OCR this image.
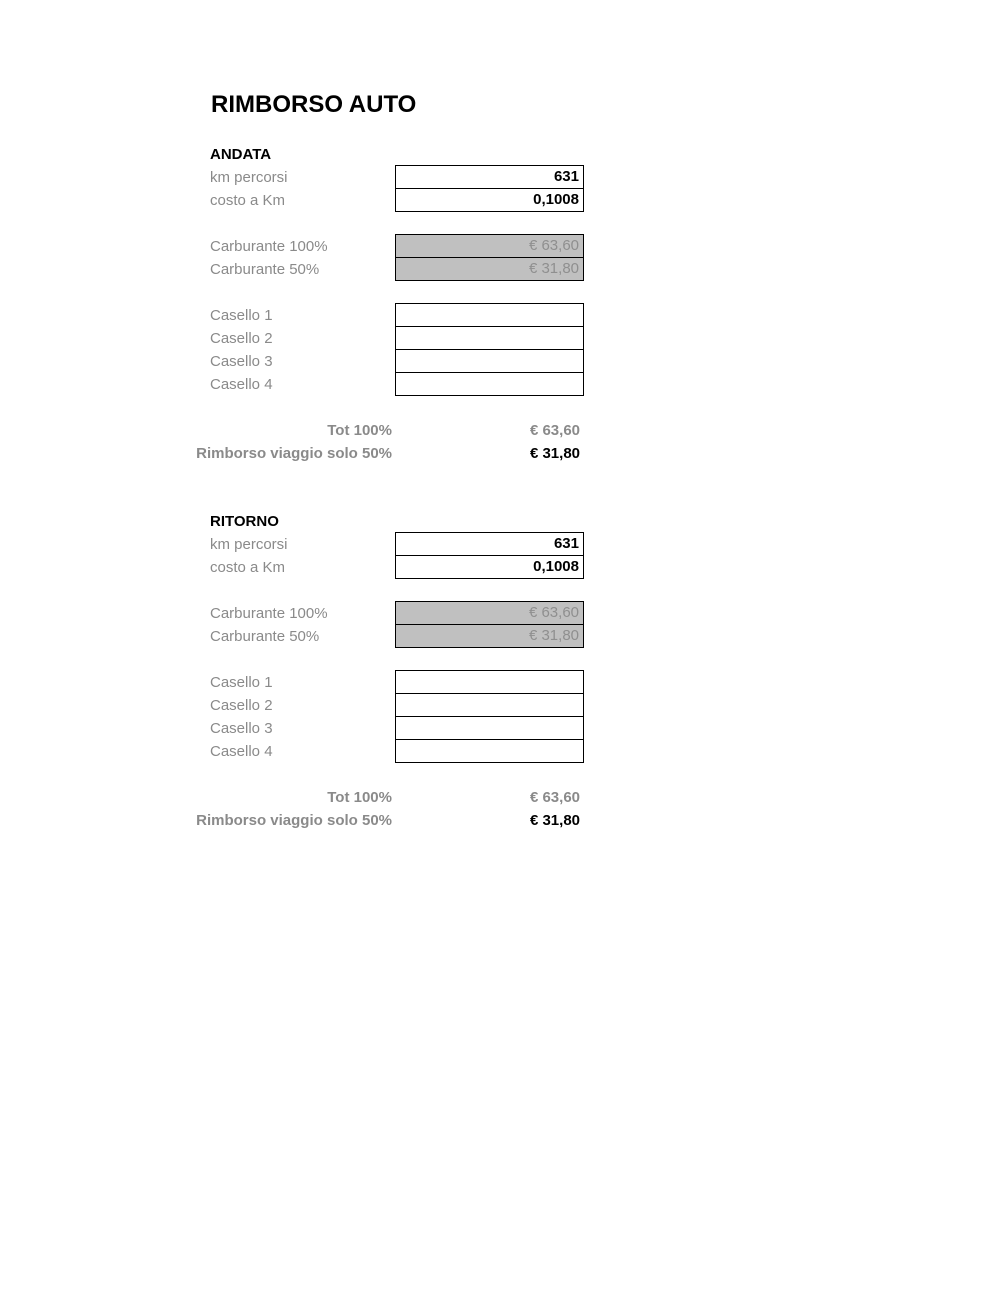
RIMBORSO AUTO
ANDATA
km percorsi	631
costo a Km	0,1008
Carburante 100%	€ 63,60
Carburante 50%	€ 31,80
Casello 1
Casello 2
Casello 3
Casello 4
Tot 100%	€ 63,60
Rimborso viaggio solo 50%	€ 31,80
RITORNO
km percorsi	631
costo a Km	0,1008
Carburante 100%	€ 63,60
Carburante 50%	€ 31,80
Casello 1
Casello 2
Casello 3
Casello 4
Tot 100%	€ 63,60
Rimborso viaggio solo 50%	€ 31,80
